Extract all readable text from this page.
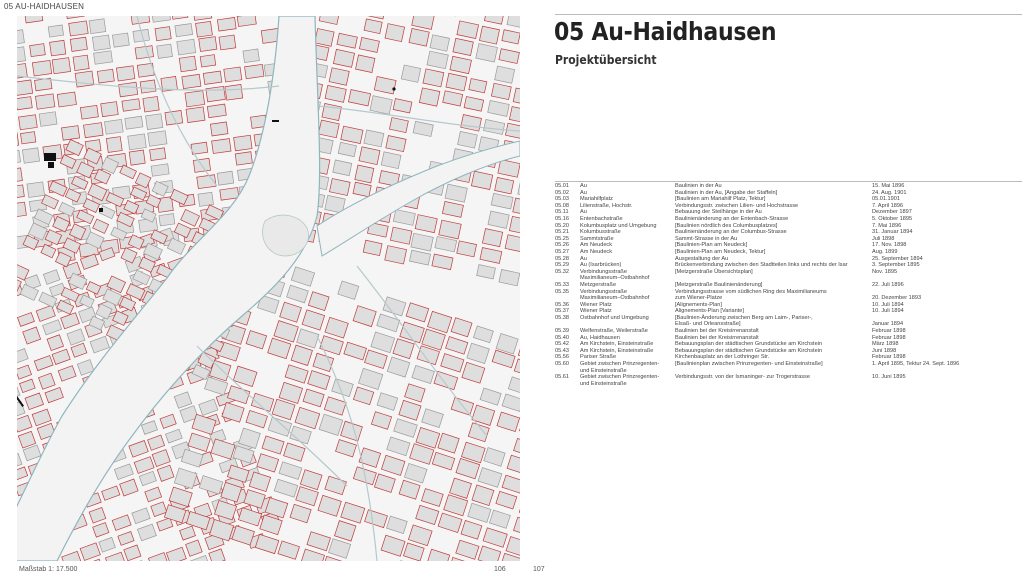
05 AU-HAIDHAUSEN
Maßstab 1: 17.500	106	107
05 Au-Haidhausen
Projektübersicht
05.01	Au	Baulinien in der Au	15. Mai 1896
05.02	Au	Baulinien in der Au, [Angabe der Staffeln]	24. Aug. 1901
05.03	Mariahilfplatz	[Baulinien am Mariahilf Platz, Tektur]	05.01.1901
05.08	Lilienstraße, Hochstr.	Verbindungsstr. zwischen Lilien- und Hochstrasse	7. April 1896
05.11	Au	Bebauung der Steilhänge in der Au	Dezember 1897
05.16	Entenbachstraße	Baulinienänderung an der Entenbach-Strasse	5. Oktober 1895
05.20	Kolumbusplatz und Umgebung	[Baulinien nördlich des Columbusplatzes]	7. Mai 1896
05.21	Kolumbusstraße	Baulinienänderung an der Columbus-Strasse	31. Januar 1894
05.25	Sammtstraße	Sammt-Strasse in der Au	Juli 1898
05.26	Am Neudeck	[Baulinien-Plan am Neudeck]	17. Nov. 1898
05.27	Am Neudeck	[Baulinien-Plan am Neudeck, Tektur]	Aug. 1899
05.28	Au	Ausgestaltung der Au	25. September 1894
05.29	Au (Isarbrücken)	Brückenverbindung zwischen den Stadtteilen links und rechts der Isar	3. September 1895
05.32	Verbindungsstraße
Maximilianeum–Ostbahnhof	[Metzgerstraße Übersichtsplan]	Nov. 1895
05.33	Metzgerstraße	[Metzgerstraße Baulinienänderung]	22. Juli 1896
05.35	Verbindungsstraße
Maximilianeum–Ostbahnhof	Verbindungsstrasse vom südlichen Ring des Maximilianeums
zum Wiener-Platze	20. Dezember 1893
05.36	Wiener Platz	[Alignements-Plan]	10. Juli 1894
05.37	Wiener Platz	Alignements-Plan [Variante]	10. Juli 1894
05.38	Ostbahnhof und Umgebung	[Baulinien-Änderung zwischen Berg am Laim-, Pariser-,
Elsaß- und Orleansstraße]	Januar 1894
05.39	Welfenstraße, Weilerstraße	Baulinien bei der Kreisirrenanstalt	Februar 1898
05.40	Au, Haidhausen	Baulinien bei der Kreisirrenanstalt	Februar 1898
05.42	Am Kirchstein, Einsteinstraße	Bebauungsplan der städtischen Grundstücke am Kirchstein	März 1898
05.43	Am Kirchstein, Einsteinstraße	Bebauungsplan der städtischen Grundstücke am Kirchstein	Juni 1898
05.56	Pariser Straße	Kirchenbauplatz an der Lothringer Str.	Februar 1898
05.60	Gebiet zwischen Prinzregenten-
und Einsteinstraße	[Baulinienplan zwischen Prinzregenten- und Einsteinstraße]	1. April 1895, Tektur 24. Sept. 1896
05.61	Gebiet zwischen Prinzregenten-
und Einsteinstraße	Verbindungsstr. von der Ismaninger- zur Trogerstrasse	10. Juni 1895
